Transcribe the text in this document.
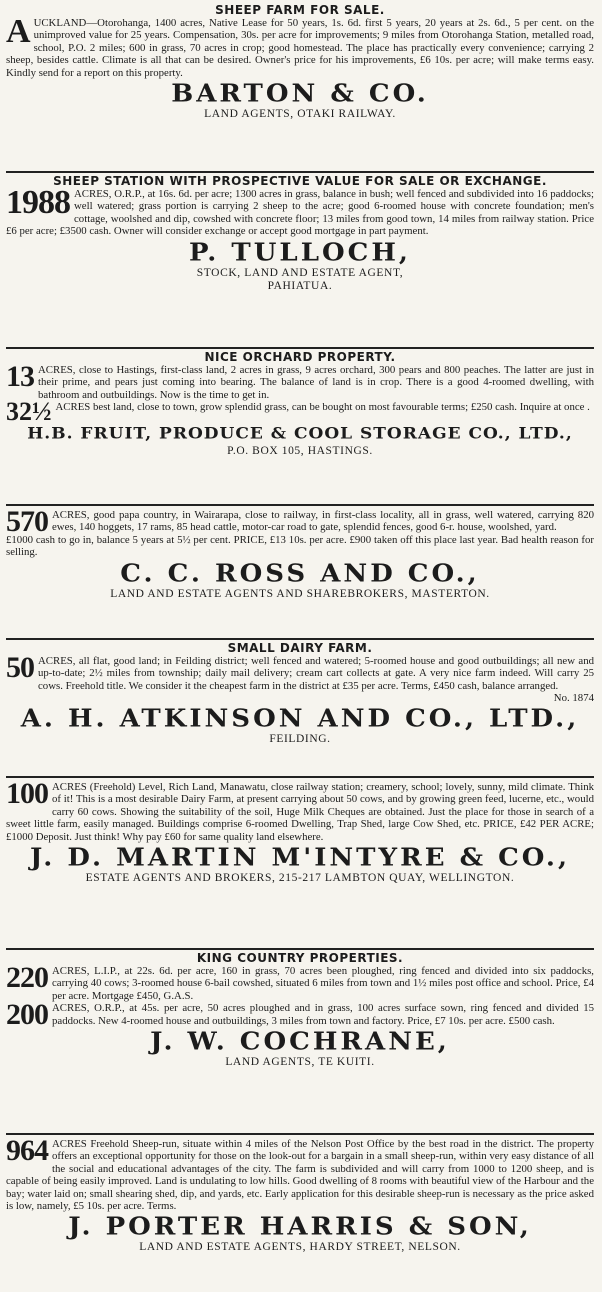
SHEEP FARM FOR SALE.
A UCKLAND—Otorohanga, 1400 acres, Native Lease for 50 years, 1s. 6d. first 5 years, 20 years at 2s. 6d., 5 per cent. on the unimproved value for 25 years. Compensation, 30s. per acre for improvements; 9 miles from Otorohanga Station, metalled road, school, P.O. 2 miles; 600 in grass, 70 acres in crop; good homestead. The place has practically every convenience; carrying 2 sheep, besides cattle. Climate is all that can be desired. Owner's price for his improvements, £6 10s. per acre; will make terms easy. Kindly send for a report on this property.
BARTON & CO.
LAND AGENTS, OTAKI RAILWAY.
SHEEP STATION WITH PROSPECTIVE VALUE FOR SALE OR EXCHANGE.
1988 ACRES, O.R.P., at 16s. 6d. per acre; 1300 acres in grass, balance in bush; well fenced and subdivided into 16 paddocks; well watered; grass portion is carrying 2 sheep to the acre; good 6-roomed house with concrete foundation; men's cottage, woolshed and dip, cowshed with concrete floor; 13 miles from good town, 14 miles from railway station. Price £6 per acre; £3500 cash. Owner will consider exchange or accept good mortgage in part payment.
P. TULLOCH,
STOCK, LAND AND ESTATE AGENT,
PAHIATUA.
NICE ORCHARD PROPERTY.
13 ACRES, close to Hastings, first-class land, 2 acres in grass, 9 acres orchard, 300 pears and 800 peaches. The latter are just in their prime, and pears just coming into bearing. The balance of land is in crop. There is a good 4-roomed dwelling, with bathroom and outbuildings. Now is the time to get in.
32½ ACRES best land, close to town, grow splendid grass, can be bought on most favourable terms; £250 cash. Inquire at once .
H.B. FRUIT, PRODUCE & COOL STORAGE CO., LTD.,
P.O. BOX 105, HASTINGS.
570 ACRES, good papa country, in Wairarapa, close to railway, in first-class locality, all in grass, well watered, carrying 820 ewes, 140 hoggets, 17 rams, 85 head cattle, motor-car road to gate, splendid fences, good 6-r. house, woolshed, yard.
£1000 cash to go in, balance 5 years at 5½ per cent. PRICE, £13 10s. per acre. £900 taken off this place last year. Bad health reason for selling.
C. C. ROSS AND CO.,
LAND AND ESTATE AGENTS AND SHAREBROKERS, MASTERTON.
SMALL DAIRY FARM.
50 ACRES, all flat, good land; in Feilding district; well fenced and watered; 5-roomed house and good outbuildings; all new and up-to-date; 2½ miles from township; daily mail delivery; cream cart collects at gate. A very nice farm indeed. Will carry 25 cows. Freehold title. We consider it the cheapest farm in the district at £35 per acre. Terms, £450 cash, balance arranged.
No. 1874
A. H. ATKINSON AND CO., LTD.,
FEILDING.
100 ACRES (Freehold) Level, Rich Land, Manawatu, close railway station; creamery, school; lovely, sunny, mild climate. Think of it! This is a most desirable Dairy Farm, at present carrying about 50 cows, and by growing green feed, lucerne, etc., would carry 60 cows. Showing the suitability of the soil, Huge Milk Cheques are obtained. Just the place for those in search of a sweet little farm, easily managed. Buildings comprise 6-roomed Dwelling, Trap Shed, large Cow Shed, etc. PRICE, £42 PER ACRE; £1000 Deposit. Just think! Why pay £60 for same quality land elsewhere.
J. D. MARTIN M'INTYRE & CO.,
ESTATE AGENTS AND BROKERS, 215-217 LAMBTON QUAY, WELLINGTON.
KING COUNTRY PROPERTIES.
220 ACRES, L.I.P., at 22s. 6d. per acre, 160 in grass, 70 acres been ploughed, ring fenced and divided into six paddocks, carrying 40 cows; 3-roomed house 6-bail cowshed, situated 6 miles from town and 1½ miles post office and school. Price, £4 per acre. Mortgage £450, G.A.S.
200 ACRES, O.R.P., at 45s. per acre, 50 acres ploughed and in grass, 100 acres surface sown, ring fenced and divided 15 paddocks. New 4-roomed house and outbuildings, 3 miles from town and factory. Price, £7 10s. per acre. £500 cash.
J. W. COCHRANE,
LAND AGENTS, TE KUITI.
964 ACRES Freehold Sheep-run, situate within 4 miles of the Nelson Post Office by the best road in the district. The property offers an exceptional opportunity for those on the look-out for a bargain in a small sheep-run, within very easy distance of all the social and educational advantages of the city. The farm is subdivided and will carry from 1000 to 1200 sheep, and is capable of being easily improved. Land is undulating to low hills. Good dwelling of 8 rooms with beautiful view of the Harbour and the bay; water laid on; small shearing shed, dip, and yards, etc. Early application for this desirable sheep-run is necessary as the price asked is low, namely, £5 10s. per acre. Terms.
J. PORTER HARRIS & SON,
LAND AND ESTATE AGENTS, HARDY STREET, NELSON.
